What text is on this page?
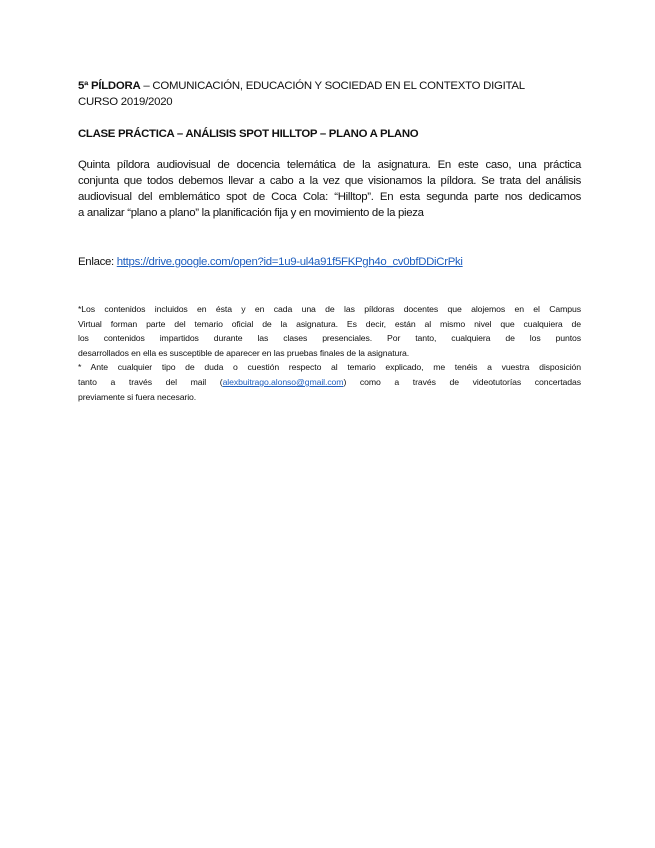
5ª PÍLDORA – COMUNICACIÓN, EDUCACIÓN Y SOCIEDAD EN EL CONTEXTO DIGITAL
CURSO 2019/2020
CLASE PRÁCTICA – ANÁLISIS SPOT HILLTOP – PLANO A PLANO
Quinta píldora audiovisual de docencia telemática de la asignatura. En este caso, una práctica
conjunta que todos debemos llevar a cabo a la vez que visionamos la píldora. Se trata del análisis
audiovisual del emblemático spot de Coca Cola: “Hilltop”. En esta segunda parte nos dedicamos
a analizar “plano a plano” la planificación fija y en movimiento de la pieza
Enlace: https://drive.google.com/open?id=1u9-ul4a91f5FKPgh4o_cv0bfDDiCrPki
*Los contenidos incluidos en ésta y en cada una de las píldoras docentes que alojemos en el Campus
Virtual forman parte del temario oficial de la asignatura. Es decir, están al mismo nivel que cualquiera de
los contenidos impartidos durante las clases presenciales. Por tanto, cualquiera de los puntos
desarrollados en ella es susceptible de aparecer en las pruebas finales de la asignatura.
* Ante cualquier tipo de duda o cuestión respecto al temario explicado, me tenéis a vuestra disposición
tanto a través del mail (alexbuitrago.alonso@gmail.com) como a través de videotutorías concertadas
previamente si fuera necesario.
